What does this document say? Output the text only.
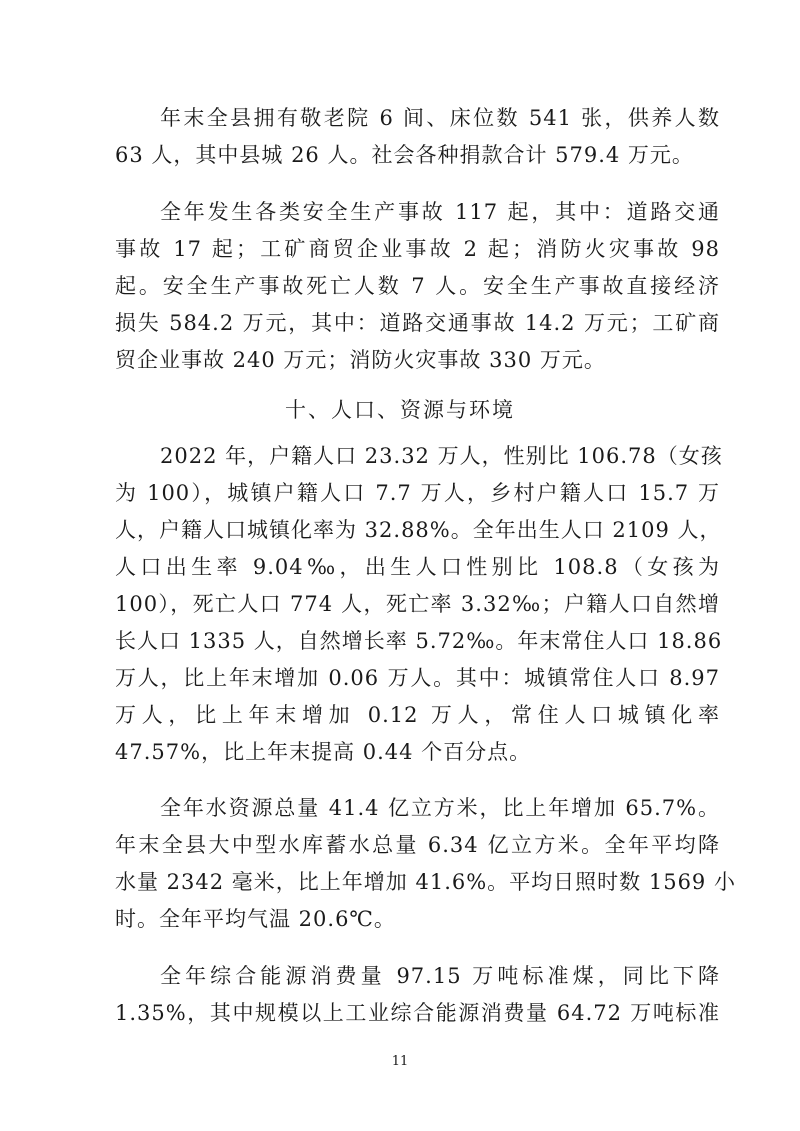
年末全县拥有敬老院 6 间、床位数 541 张，供养人数
63 人，其中县城 26 人。社会各种捐款合计 579.4 万元。
全年发生各类安全生产事故 117 起，其中：道路交通
事故 17 起；工矿商贸企业事故 2 起；消防火灾事故 98
起。安全生产事故死亡人数 7 人。安全生产事故直接经济
损失 584.2 万元，其中：道路交通事故 14.2 万元；工矿商
贸企业事故 240 万元；消防火灾事故 330 万元。
十、人口、资源与环境
2022 年，户籍人口 23.32 万人，性别比 106.78（女孩
为 100），城镇户籍人口 7.7 万人，乡村户籍人口 15.7 万
人，户籍人口城镇化率为 32.88%。全年出生人口 2109 人，
人口出生率 9.04‰，出生人口性别比 108.8（女孩为
100），死亡人口 774 人，死亡率 3.32‰；户籍人口自然增
长人口 1335 人，自然增长率 5.72‰。年末常住人口 18.86
万人，比上年末增加 0.06 万人。其中：城镇常住人口 8.97
万人，比上年末增加 0.12 万人，常住人口城镇化率
47.57%，比上年末提高 0.44 个百分点。
全年水资源总量 41.4 亿立方米，比上年增加 65.7%。
年末全县大中型水库蓄水总量 6.34 亿立方米。全年平均降
水量 2342 毫米，比上年增加 41.6%。平均日照时数 1569 小
时。全年平均气温 20.6℃。
全年综合能源消费量 97.15 万吨标准煤，同比下降
1.35%，其中规模以上工业综合能源消费量 64.72 万吨标准
11
